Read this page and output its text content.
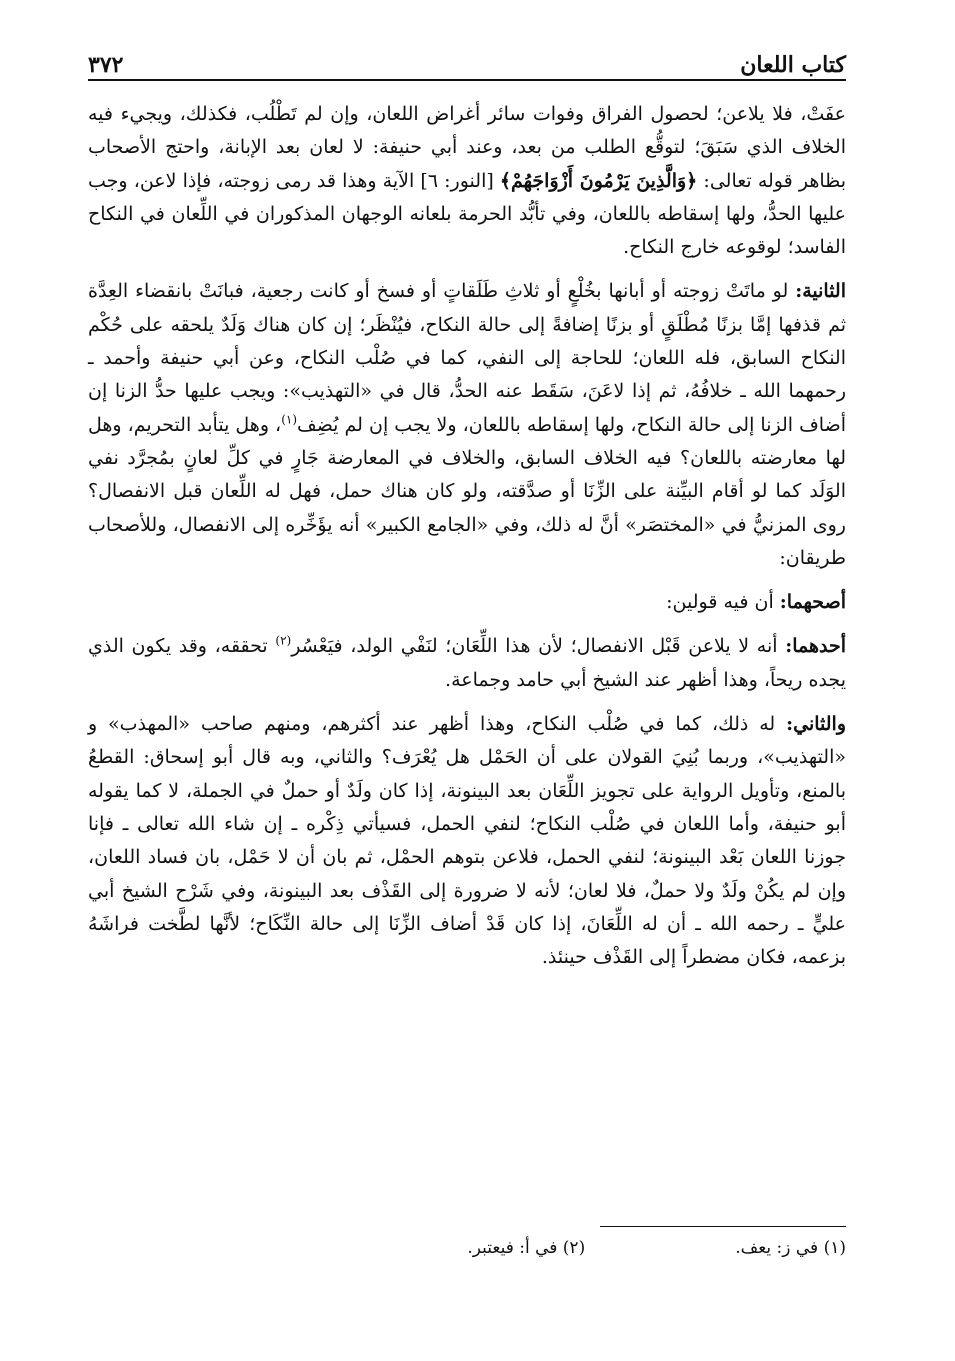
٣٧٢	كتاب اللعان

عفَتْ، فلا يلاعن؛ لحصول الفراق وفوات سائر أغراض اللعان، وإن لم تَطْلُب، فكذلك، ويجيء فيه الخلاف الذي سَبَقَ؛ لتوقُّع الطلب من بعد، وعند أبي حنيفة: لا لعان بعد الإبانة، واحتج الأصحاب بظاهر قوله تعالى: ﴿وَالَّذِينَ يَرْمُونَ أَزْوَاجَهُمْ﴾ [النور: ٦] الآية وهذا قد رمى زوجته، فإذا لاعن، وجب عليها الحدُّ، ولها إسقاطه باللعان، وفي تأبُّد الحرمة بلعانه الوجهان المذكوران في اللِّعان في النكاح الفاسد؛ لوقوعه خارج النكاح.

الثانية: لو ماتَتْ زوجته أو أبانها بخُلْعٍ أو ثلاثِ طَلَقاتٍ أو فسخ أو كانت رجعية، فبانَتْ بانقضاء العِدَّة ثم قذفها إمَّا بزنًا مُطْلَقٍ أو بزنًا إضافةً إلى حالة النكاح، فيُنْظَر؛ إن كان هناك وَلَدٌ يلحقه على حُكْم النكاح السابق، فله اللعان؛ للحاجة إلى النفي، كما في صُلْب النكاح، وعن أبي حنيفة وأحمد ـ رحمهما الله ـ خلافُهُ، ثم إذا لاعَنَ، سَقَط عنه الحدُّ، قال في «التهذيب»: ويجب عليها حدُّ الزنا إن أضاف الزنا إلى حالة النكاح، ولها إسقاطه باللعان، ولا يجب إن لم يُضِف$^{(١)}$، وهل يتأبد التحريم، وهل لها معارضته باللعان؟ فيه الخلاف السابق، والخلاف في المعارضة جَارٍ في كلِّ لعانٍ بمُجرَّد نفي الوَلَد كما لو أقام البيِّنة على الزِّنَا أو صدَّقته، ولو كان هناك حمل، فهل له اللِّعان قبل الانفصال؟ روى المزنيُّ في «المختصَر» أنَّ له ذلك، وفي «الجامع الكبير» أنه يؤَخِّره إلى الانفصال، وللأصحاب طريقان:

أصحهما: أن فيه قولين:

أحدهما: أنه لا يلاعن قَبْل الانفصال؛ لأن هذا اللِّعَان؛ لنَفْي الولد، فيَعْسُر$^{(٢)}$ تحققه، وقد يكون الذي يجده ريحاً، وهذا أظهر عند الشيخ أبي حامد وجماعة.

والثاني: له ذلك، كما في صُلْب النكاح، وهذا أظهر عند أكثرهم، ومنهم صاحب «المهذب» و «التهذيب»، وربما بُنِيَ القولان على أن الحَمْل هل يُعْرَف؟ والثاني، وبه قال أبو إسحاق: القطعُ بالمنع، وتأويل الرواية على تجويز اللِّعَان بعد البينونة، إذا كان ولَدٌ أو حملٌ في الجملة، لا كما يقوله أبو حنيفة، وأما اللعان في صُلْب النكاح؛ لنفي الحمل، فسيأتي ذِكْره ـ إن شاء الله تعالى ـ فإنا جوزنا اللعان بَعْد البينونة؛ لنفي الحمل، فلاعن بتوهم الحمْل، ثم بان أن لا حَمْل، بان فساد اللعان، وإن لم يكُنْ ولَدٌ ولا حملٌ، فلا لعان؛ لأنه لا ضرورة إلى القَذْف بعد البينونة، وفي شَرْح الشيخ أبي عليٍّ ـ رحمه الله ـ أن له اللِّعَانَ، إذا كان قَدْ أضاف الزِّنَا إلى حالة النِّكَاح؛ لأنَّها لطَّخت فراشَهُ بزعمه، فكان مضطراً إلى القَذْف حينئذ.

(١) في ز: يعف.
(٢) في أ: فيعتبر.
